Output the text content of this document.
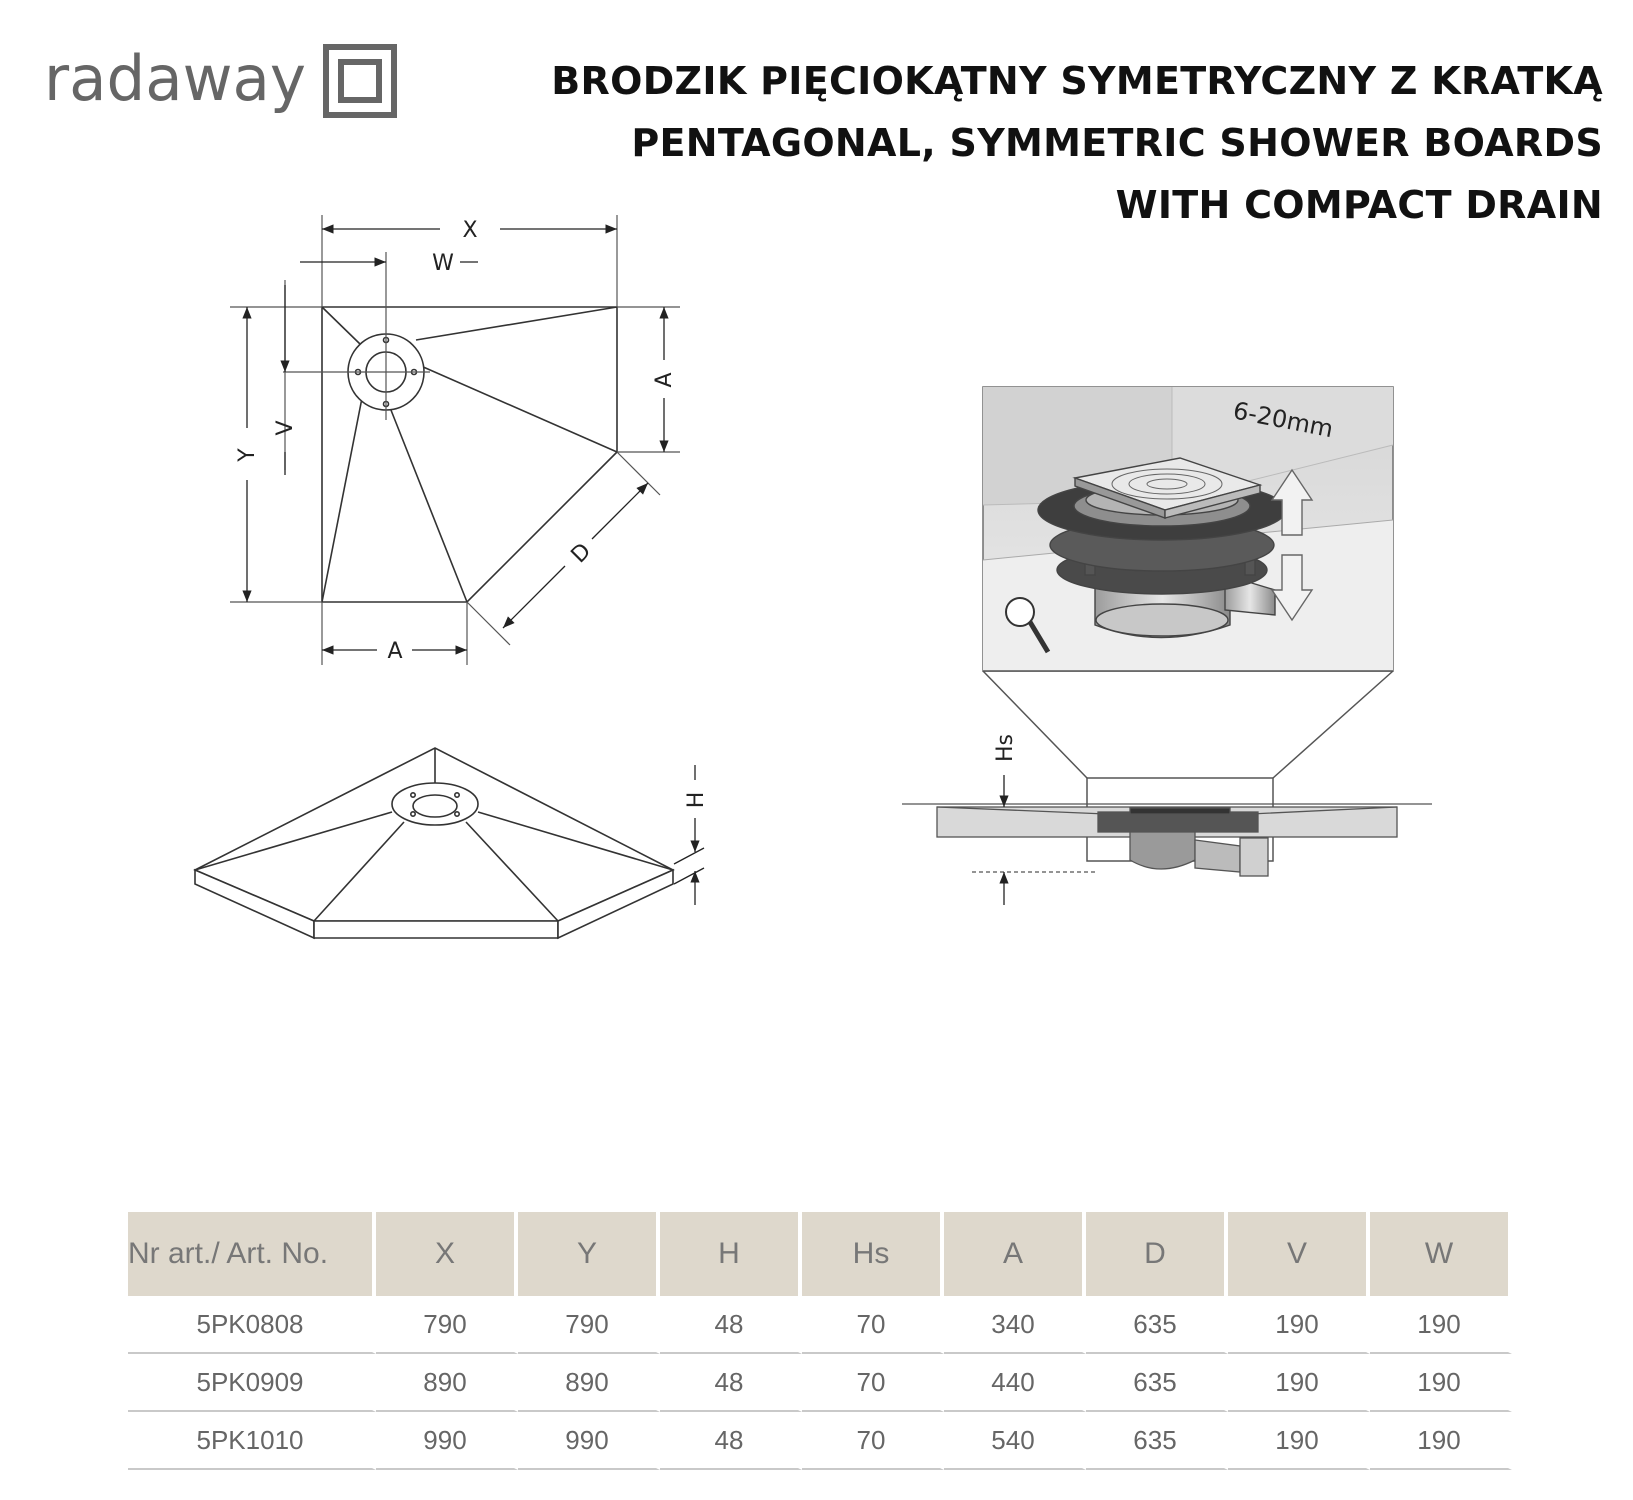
radaway	BRODZIK PIĘCIOKĄTNY SYMETRYCZNY Z KRATKĄ
PENTAGONAL, SYMMETRIC SHOWER BOARDS
WITH COMPACT DRAIN
X
W
Y
V
A
A
D
H
6-20mm
Hs
Nr art./ Art. No.	X	Y	H	Hs	A	D	V	W
5PK0808	790	790	48	70	340	635	190	190
5PK0909	890	890	48	70	440	635	190	190
5PK1010	990	990	48	70	540	635	190	190
